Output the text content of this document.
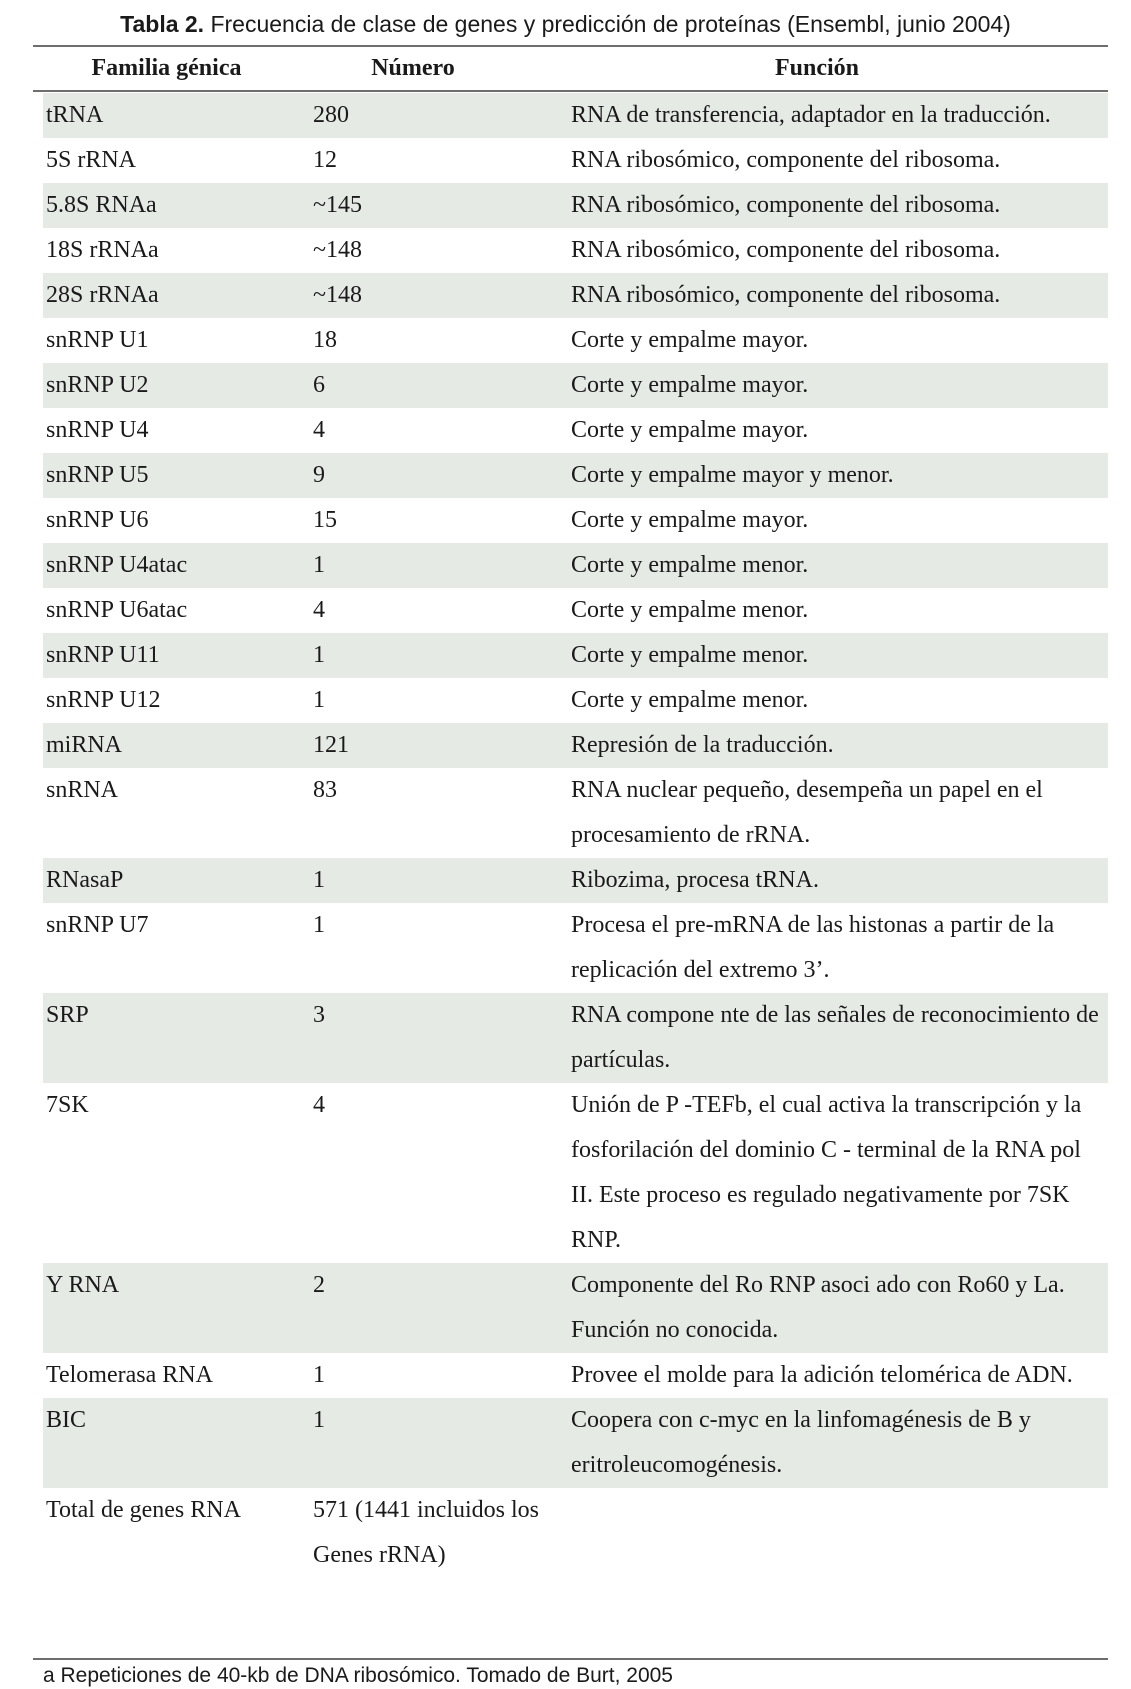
Tabla 2. Frecuencia de clase de genes y predicción de proteínas (Ensembl, junio 2004)
Familia génica	Número	Función
tRNA	280	RNA de transferencia, adaptador en la traducción.
5S rRNA	12	RNA ribosómico, componente del ribosoma.
5.8S RNAa	~145	RNA ribosómico, componente del ribosoma.
18S rRNAa	~148	RNA ribosómico, componente del ribosoma.
28S rRNAa	~148	RNA ribosómico, componente del ribosoma.
snRNP U1	18	Corte y empalme mayor.
snRNP U2	6	Corte y empalme mayor.
snRNP U4	4	Corte y empalme mayor.
snRNP U5	9	Corte y empalme mayor y menor.
snRNP U6	15	Corte y empalme mayor.
snRNP U4atac	1	Corte y empalme menor.
snRNP U6atac	4	Corte y empalme menor.
snRNP U11	1	Corte y empalme menor.
snRNP U12	1	Corte y empalme menor.
miRNA	121	Represión de la traducción.
snRNA	83	RNA nuclear pequeño, desempeña un papel en el procesamiento de rRNA.
RNasaP	1	Ribozima, procesa tRNA.
snRNP U7	1	Procesa el pre-mRNA de las histonas a partir de la replicación del extremo 3’.
SRP	3	RNA compone nte de las señales de reconocimiento de partículas.
7SK	4	Unión de P -TEFb, el cual activa la transcripción y la fosforilación del dominio C - terminal de la RNA pol II. Este proceso es regulado negativamente por 7SK RNP.
Y RNA	2	Componente del Ro RNP asoci ado con Ro60 y La. Función no conocida.
Telomerasa RNA	1	Provee el molde para la adición telomérica de ADN.
BIC	1	Coopera con c-myc en la linfomagénesis de B y eritroleucomogénesis.
Total de genes RNA	571 (1441 incluidos los Genes rRNA)
a Repeticiones de 40-kb de DNA ribosómico. Tomado de Burt, 2005
